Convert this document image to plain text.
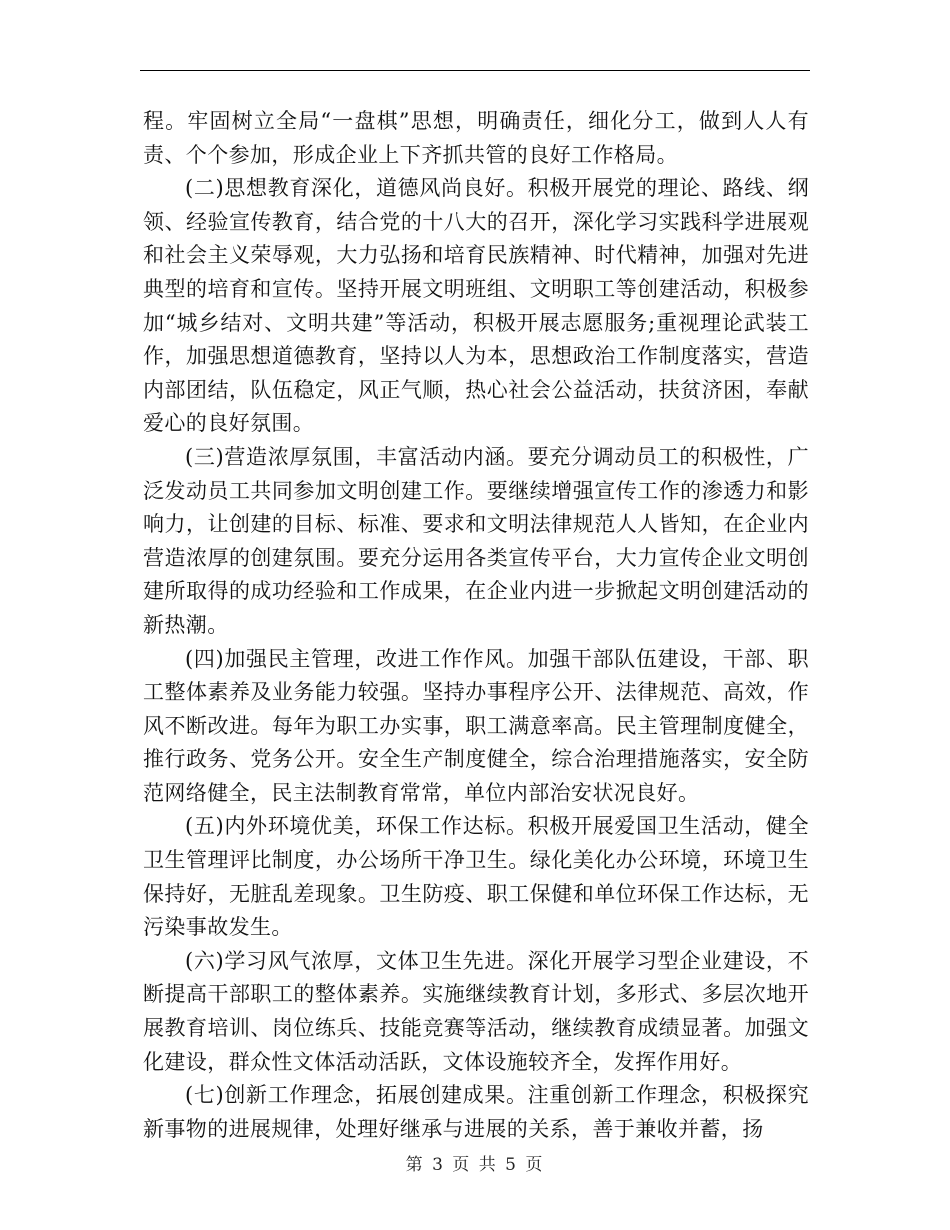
程。牢固树立全局“一盘棋”思想，明确责任，细化分工，做到人人有责、个个参加，形成企业上下齐抓共管的良好工作格局。

(二)思想教育深化，道德风尚良好。积极开展党的理论、路线、纲领、经验宣传教育，结合党的十八大的召开，深化学习实践科学进展观和社会主义荣辱观，大力弘扬和培育民族精神、时代精神，加强对先进典型的培育和宣传。坚持开展文明班组、文明职工等创建活动，积极参加“城乡结对、文明共建”等活动，积极开展志愿服务;重视理论武装工作，加强思想道德教育，坚持以人为本，思想政治工作制度落实，营造内部团结，队伍稳定，风正气顺，热心社会公益活动，扶贫济困，奉献爱心的良好氛围。

(三)营造浓厚氛围，丰富活动内涵。要充分调动员工的积极性，广泛发动员工共同参加文明创建工作。要继续增强宣传工作的渗透力和影响力，让创建的目标、标准、要求和文明法律规范人人皆知，在企业内营造浓厚的创建氛围。要充分运用各类宣传平台，大力宣传企业文明创建所取得的成功经验和工作成果，在企业内进一步掀起文明创建活动的新热潮。

(四)加强民主管理，改进工作作风。加强干部队伍建设，干部、职工整体素养及业务能力较强。坚持办事程序公开、法律规范、高效，作风不断改进。每年为职工办实事，职工满意率高。民主管理制度健全，推行政务、党务公开。安全生产制度健全，综合治理措施落实，安全防范网络健全，民主法制教育常常，单位内部治安状况良好。

(五)内外环境优美，环保工作达标。积极开展爱国卫生活动，健全卫生管理评比制度，办公场所干净卫生。绿化美化办公环境，环境卫生保持好，无脏乱差现象。卫生防疫、职工保健和单位环保工作达标，无污染事故发生。

(六)学习风气浓厚，文体卫生先进。深化开展学习型企业建设，不断提高干部职工的整体素养。实施继续教育计划，多形式、多层次地开展教育培训、岗位练兵、技能竞赛等活动，继续教育成绩显著。加强文化建设，群众性文体活动活跃，文体设施较齐全，发挥作用好。

(七)创新工作理念，拓展创建成果。注重创新工作理念，积极探究新事物的进展规律，处理好继承与进展的关系，善于兼收并蓄，扬

第 3 页 共 5 页
